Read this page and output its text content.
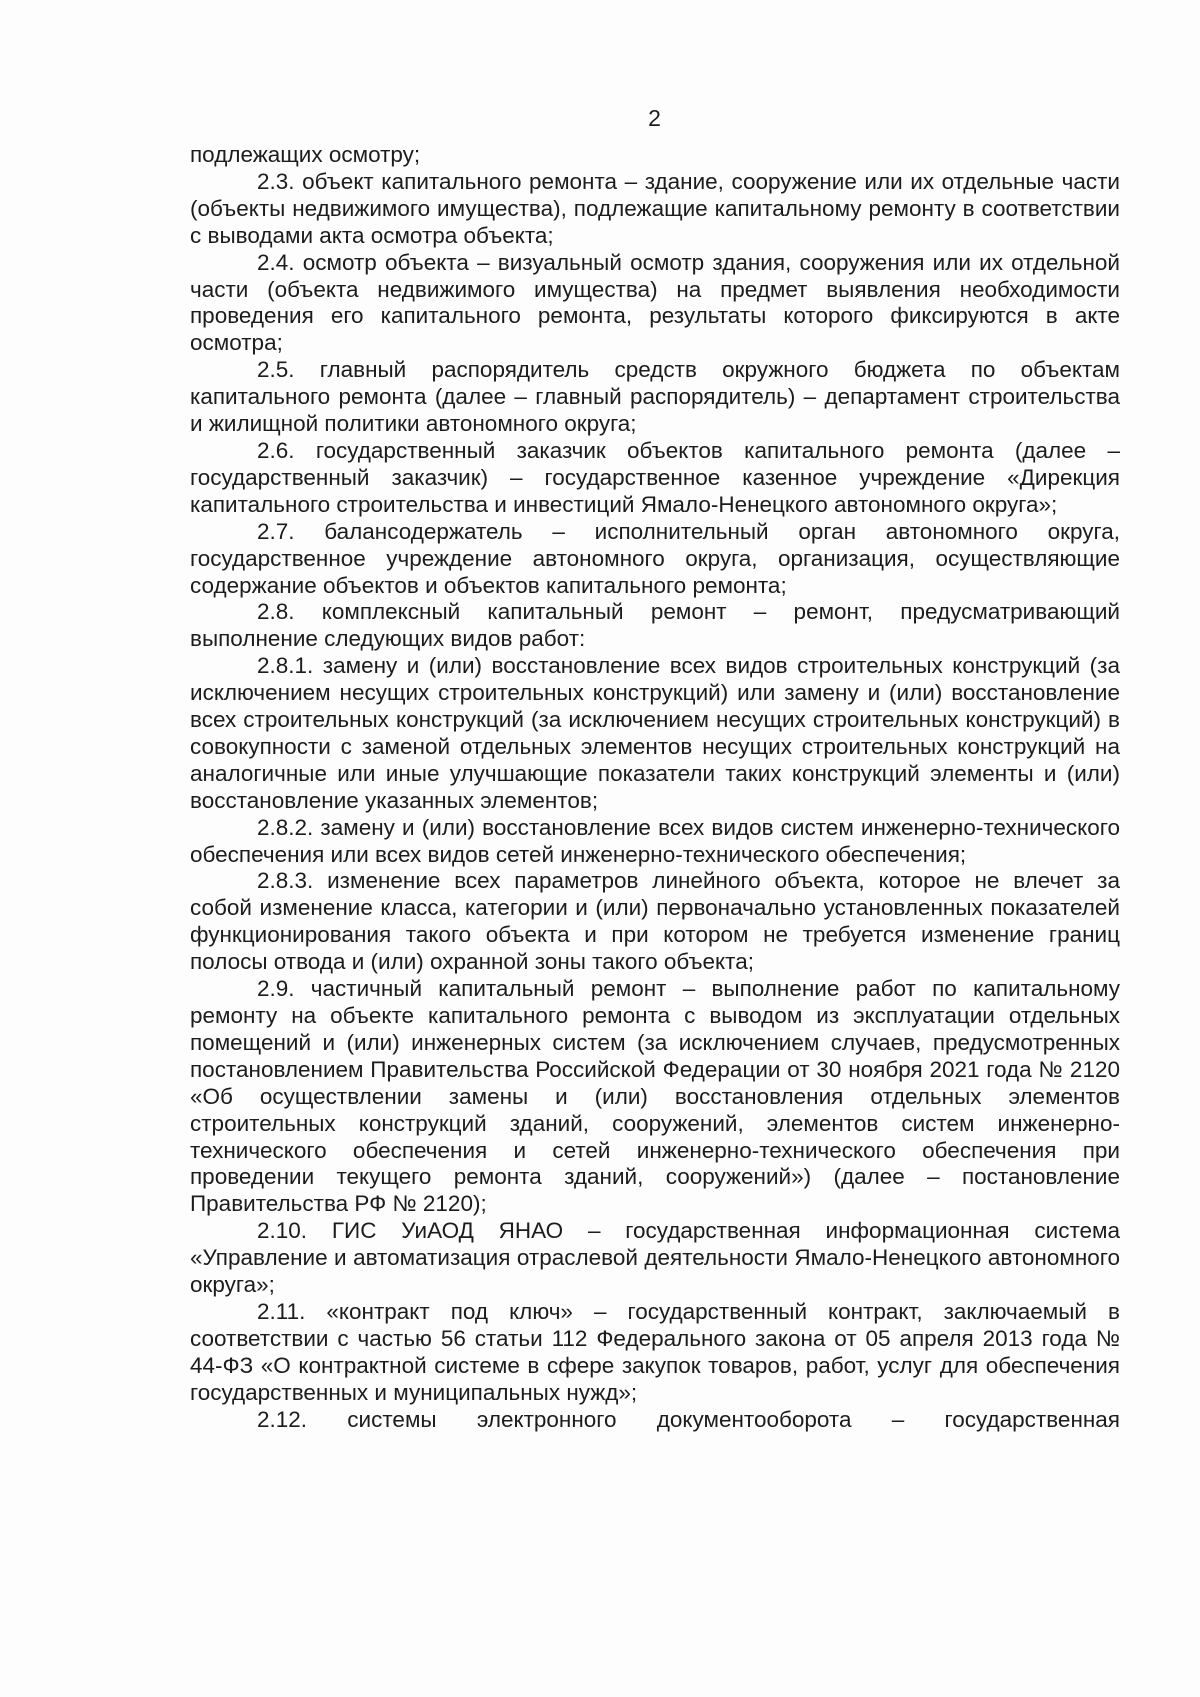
2

подлежащих осмотру;

2.3. объект капитального ремонта – здание, сооружение или их отдельные части (объекты недвижимого имущества), подлежащие капитальному ремонту в соответствии с выводами акта осмотра объекта;

2.4. осмотр объекта – визуальный осмотр здания, сооружения или их отдельной части (объекта недвижимого имущества) на предмет выявления необходимости проведения его капитального ремонта, результаты которого фиксируются в акте осмотра;

2.5. главный распорядитель средств окружного бюджета по объектам капитального ремонта (далее – главный распорядитель) – департамент строительства и жилищной политики автономного округа;

2.6. государственный заказчик объектов капитального ремонта (далее – государственный заказчик) – государственное казенное учреждение «Дирекция капитального строительства и инвестиций Ямало-Ненецкого автономного округа»;

2.7. балансодержатель – исполнительный орган автономного округа, государственное учреждение автономного округа, организация, осуществляющие содержание объектов и объектов капитального ремонта;

2.8. комплексный капитальный ремонт – ремонт, предусматривающий выполнение следующих видов работ:

2.8.1. замену и (или) восстановление всех видов строительных конструкций (за исключением несущих строительных конструкций) или замену и (или) восстановление всех строительных конструкций (за исключением несущих строительных конструкций) в совокупности с заменой отдельных элементов несущих строительных конструкций на аналогичные или иные улучшающие показатели таких конструкций элементы и (или) восстановление указанных элементов;

2.8.2. замену и (или) восстановление всех видов систем инженерно-технического обеспечения или всех видов сетей инженерно-технического обеспечения;

2.8.3. изменение всех параметров линейного объекта, которое не влечет за собой изменение класса, категории и (или) первоначально установленных показателей функционирования такого объекта и при котором не требуется изменение границ полосы отвода и (или) охранной зоны такого объекта;

2.9. частичный капитальный ремонт – выполнение работ по капитальному ремонту на объекте капитального ремонта с выводом из эксплуатации отдельных помещений и (или) инженерных систем (за исключением случаев, предусмотренных постановлением Правительства Российской Федерации от 30 ноября 2021 года № 2120 «Об осуществлении замены и (или) восстановления отдельных элементов строительных конструкций зданий, сооружений, элементов систем инженерно-технического обеспечения и сетей инженерно-технического обеспечения при проведении текущего ремонта зданий, сооружений») (далее – постановление Правительства РФ № 2120);

2.10. ГИС УиАОД ЯНАО – государственная информационная система «Управление и автоматизация отраслевой деятельности Ямало-Ненецкого автономного округа»;

2.11. «контракт под ключ» – государственный контракт, заключаемый в соответствии с частью 56 статьи 112 Федерального закона от 05 апреля 2013 года № 44-ФЗ «О контрактной системе в сфере закупок товаров, работ, услуг для обеспечения государственных и муниципальных нужд»;

2.12. системы электронного документооборота – государственная
